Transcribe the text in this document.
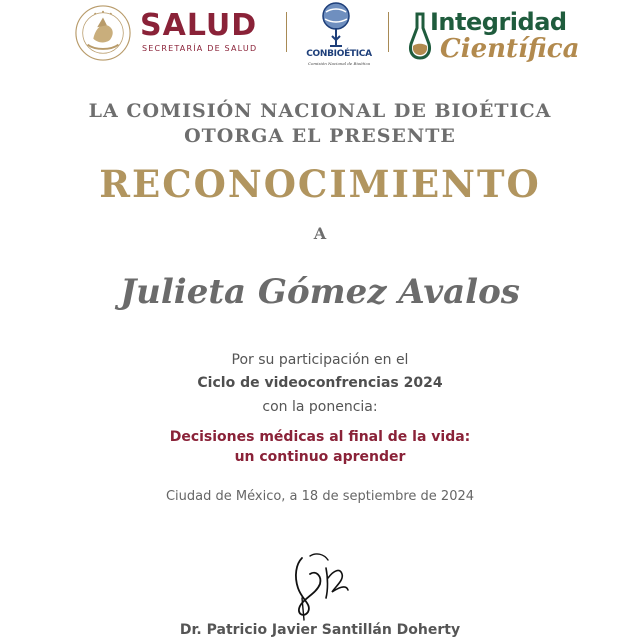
SALUD
SECRETARÍA DE SALUD
CONBIOÉTICA
Comisión Nacional de Bioética
Integridad
Científica
LA COMISIÓN NACIONAL DE BIOÉTICA
OTORGA EL PRESENTE
RECONOCIMIENTO
A
Julieta Gómez Avalos
Por su participación en el
Ciclo de videoconfrencias 2024
con la ponencia:
Decisiones médicas al final de la vida:
un continuo aprender
Ciudad de México, a 18 de septiembre de 2024
Dr. Patricio Javier Santillán Doherty
